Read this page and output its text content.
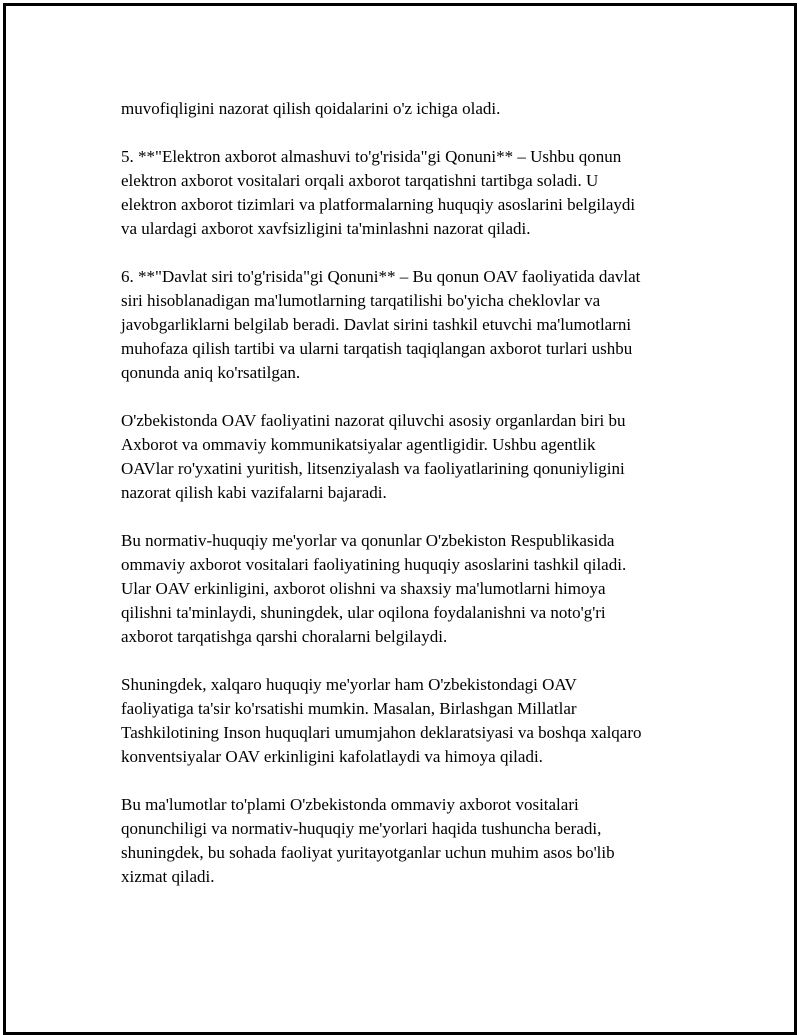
muvofiqligini nazorat qilish qoidalarini o'z ichiga oladi.

5. **"Elektron axborot almashuvi to'g'risida"gi Qonuni** – Ushbu qonun
elektron axborot vositalari orqali axborot tarqatishni tartibga soladi. U
elektron axborot tizimlari va platformalarning huquqiy asoslarini belgilaydi
va ulardagi axborot xavfsizligini ta'minlashni nazorat qiladi.

6. **"Davlat siri to'g'risida"gi Qonuni** – Bu qonun OAV faoliyatida davlat
siri hisoblanadigan ma'lumotlarning tarqatilishi bo'yicha cheklovlar va
javobgarliklarni belgilab beradi. Davlat sirini tashkil etuvchi ma'lumotlarni
muhofaza qilish tartibi va ularni tarqatish taqiqlangan axborot turlari ushbu
qonunda aniq ko'rsatilgan.

O'zbekistonda OAV faoliyatini nazorat qiluvchi asosiy organlardan biri bu
Axborot va ommaviy kommunikatsiyalar agentligidir. Ushbu agentlik
OAVlar ro'yxatini yuritish, litsenziyalash va faoliyatlarining qonuniyligini
nazorat qilish kabi vazifalarni bajaradi.

Bu normativ-huquqiy me'yorlar va qonunlar O'zbekiston Respublikasida
ommaviy axborot vositalari faoliyatining huquqiy asoslarini tashkil qiladi.
Ular OAV erkinligini, axborot olishni va shaxsiy ma'lumotlarni himoya
qilishni ta'minlaydi, shuningdek, ular oqilona foydalanishni va noto'g'ri
axborot tarqatishga qarshi choralarni belgilaydi.

Shuningdek, xalqaro huquqiy me'yorlar ham O'zbekistondagi OAV
faoliyatiga ta'sir ko'rsatishi mumkin. Masalan, Birlashgan Millatlar
Tashkilotining Inson huquqlari umumjahon deklaratsiyasi va boshqa xalqaro
konventsiyalar OAV erkinligini kafolatlaydi va himoya qiladi.

Bu ma'lumotlar to'plami O'zbekistonda ommaviy axborot vositalari
qonunchiligi va normativ-huquqiy me'yorlari haqida tushuncha beradi,
shuningdek, bu sohada faoliyat yuritayotganlar uchun muhim asos bo'lib
xizmat qiladi.
